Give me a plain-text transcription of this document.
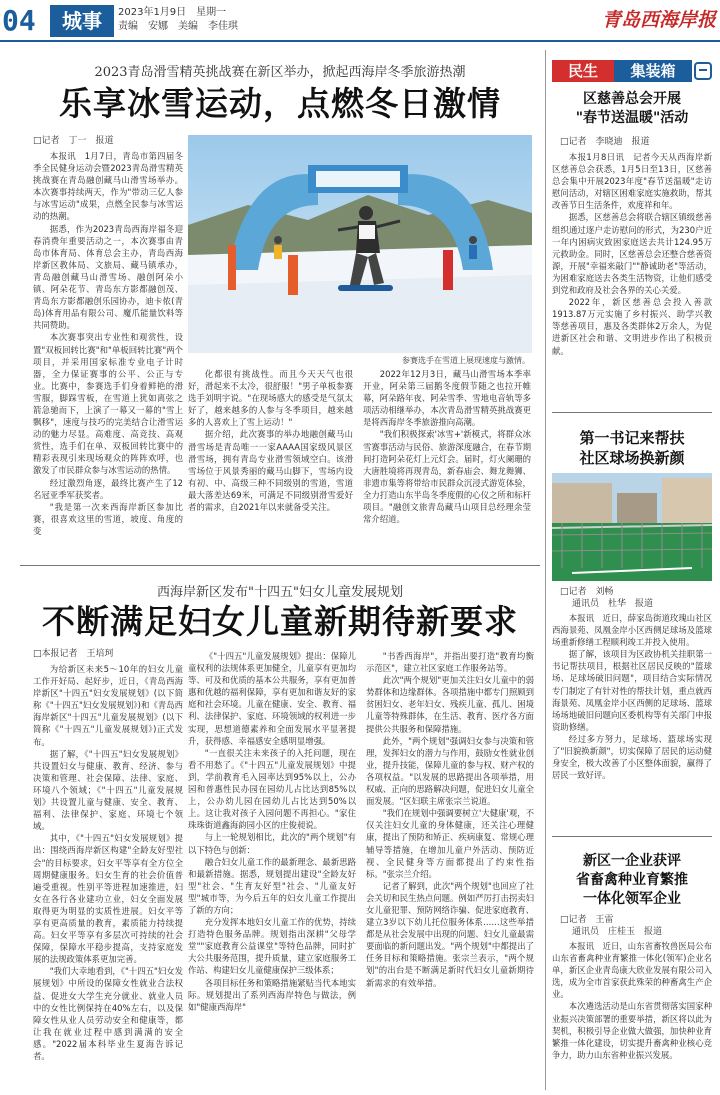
04	城事	2023年1月9日　星期一
责编　安娜　美编　李佳琪	青岛西海岸报
2023青岛滑雪精英挑战赛在新区举办，掀起西海岸冬季旅游热潮
乐享冰雪运动，点燃冬日激情
□记者　丁一　报道

本报讯　1月7日，青岛市第四届冬季全民健身运动会暨2023青岛滑雪精英挑战赛在青岛融创藏马山滑雪场举办。本次赛事持续两天，作为"带动三亿人参与冰雪运动"成果，点燃全民参与冰雪运动的热潮。

据悉，作为2023青岛西海岸福冬迎春消费年重要活动之一，本次赛事由青岛市体育局、体育总会主办，青岛西海岸新区教体局、文旅局、藏马镇承办，青岛融创藏马山滑雪场、融创阿朵小镇、阿朵花节、青岛东方影都融创茂、青岛东方影都融创乐园协办，迪卡侬(青岛)体育用品有限公司、魔爪能量饮料等共同赞助。

本次赛事突出专业性和观赏性，设置"双板回转比赛"和"单板回转比赛"两个项目，并采用国家标准专业电子计时器，全力保证赛事的公平、公正与专业。比赛中，参赛选手们身着鲜艳的滑雪服，脚踩雪板，在雪道上犹如离弦之箭急驰而下，上演了一幕又一幕的"雪上飘移"，速度与技巧的完美结合让滑雪运动的魅力尽显。高难度、高竞技、高观赏性，选手们在单、双板回转比赛中的精彩表现引来现场观众的阵阵欢呼，也激发了市民群众参与冰雪运动的热情。

经过激烈角逐，最终比赛产生了12名冠亚季军获奖者。

"我是第一次来西海岸新区参加比赛，很喜欢这里的雪道，坡度、角度的变

参赛选手在雪道上展现速度与激情。

化都很有挑战性。而且今天天气也很好，滑起来不太冷，很舒服！"男子单板参赛选手刘明宇说。"在现场感大的感受是气氛太好了，越来越多的人参与冬季项目，越来越多的人喜欢上了雪上运动！"

据介绍，此次赛事的举办地融创藏马山滑雪场是青岛唯一一家AAAA国家级风景区滑雪场，拥有青岛专业滑雪领域空白。该滑雪场位于风景秀丽的藏马山脚下，雪场内设有初、中、高级三种不同级别的雪道，雪道最大落差达69米，可满足不同级别滑雪爱好者的需求，自2021年以来就备受关注。

2022年12月3日，藏马山滑雪场本季率开业，阿朵第三届鹅冬度假节随之也拉开帷幕，阿朵路年夜、阿朵雪季、雪地电音轨等多项活动相继举办，本次青岛滑雪精英挑战赛更是将西海岸冬季旅游推向高潮。

"我们积极探索'冰雪+'新模式，将群众冰雪赛事活动与民俗、旅游深度融合，在春节期间打造阿朵花灯上元灯会。届时，灯火阑珊的大唐胜境将再现青岛，新春庙会、舞龙舞狮、非遗市集等将带给市民群众沉浸式游览体验，全力打造山东半岛冬季度假的心仪之所和标杆项目。"融创文旅青岛藏马山项目总经理余莹常介绍道。

西海岸新区发布"十四五"妇女儿童发展规划
不断满足妇女儿童新期待新要求
□本报记者　王培珂

为给新区未来5～10年的妇女儿童工作开好局、起好步，近日，《青岛西海岸新区"十四五"妇女发展规划》(以下简称《"十四五"妇女发展规划》)和《青岛西海岸新区"十四五"儿童发展规划》(以下简称《"十四五"儿童发展规划》)正式发布。

据了解，《"十四五"妇女发展规划》共设置妇女与健康、教育、经济、参与决策和管理、社会保障、法律、家庭、环境八个领域；《"十四五"儿童发展规划》共设置儿童与健康、安全、教育、福利、法律保护、家庭、环境七个领域。

其中，《"十四五"妇女发展规划》提出：围绕西海岸新区构建"全龄友好型社会"的目标要求，妇女平等享有全方位全周期健康服务。妇女生育的社会价值普遍受重视。性别平等进程加速推进，妇女在各行各业建功立业，妇女全面发展取得更为明显的实质性进展。妇女平等享有更高质量的教育，素质能力持续提高。妇女平等享有多层次可持续的社会保障，保障水平稳步提高，支持家庭发展的法规政策体系更加完善。

"我们大幸地看到，《"十四五"妇女发展规划》中所设的保障女性就业合法权益、促进女大学生充分就业、就业人员中的女性比例保持在40%左右，以及保障女性从业人员劳动安全和健康等，都让我在就业过程中感到满满的安全感。"2022届本科毕业生夏海告诉记者。

《"十四五"儿童发展规划》提出：保障儿童权利的法规体系更加健全，儿童享有更加均等、可及和优质的基本公共服务，享有更加普惠和优越的福利保障，享有更加和谐友好的家庭和社会环境。儿童在健康、安全、教育、福利、法律保护、家庭、环境领域的权利进一步实现，思想道德素养和全面发展水平显著提升，获得感、幸福感安全感明显增强。

"一直很关注未来孩子的入托问题，现在看不用愁了。《"十四五"儿童发展规划》中提到，学前教育毛入园率达到95%以上，公办园和普惠性民办园在园幼儿占比达到85%以上，公办幼儿园在园幼儿占比达到50%以上。这让我对孩子入园问题不再担心。"家住珠珠街道鑫海韵园小区的庄俊昶说。

与上一轮规划相比，此次的"两个规划"有以下特色与创新：

融合妇女儿童工作的最新理念、最新思路和最新措施。据悉，规划提出建设"全龄友好型"社会、"生育友好型"社会、"儿童友好型"城市等，为今后五年的妇女儿童工作提出了新的方向；

充分发挥本地妇女儿童工作的优势，持续打造特色服务品牌。规划指出深耕"父母学堂""家庭教育公益课堂"等特色品牌，同时扩大公共服务范围，提升质量，建立家庭服务工作站、构建妇女儿童健康保护三级体系；

各项目标任务和策略措施紧贴当代本地实际。规划提出了系列西海岸特色与做法，例如"健康西海岸"

"书香西海岸"，并指出要打造"教育均衡示范区"，建立社区家庭工作服务站等。

此次"两个规划"更加关注妇女儿童中的弱势群体和边缘群体。各项措施中都专门照顾到贫困妇女、老年妇女、残疾儿童、孤儿、困境儿童等特殊群体，在生活、教育、医疗各方面提供公共服务和保障措施。

此外，"两个规划"强调妇女参与决策和管理，发挥妇女的潜力与作用，鼓励女性就业创业，提升技能，保障儿童的参与权、财产权的各项权益。"以发展的思路提出各项举措，用权威、正向的思路解决问题，促进妇女儿童全面发展。"区妇联主席张宗兰说道。

"我们在规划中强调要树立'大健康'观，不仅关注妇女儿童的身体健康，还关注心理健康，提出了预防和矫正、疾病康复、常规心理辅导等措施，在增加儿童户外活动、预防近视、全民健身等方面都提出了约束性指标。"张宗兰介绍。

记者了解到，此次"两个规划"也回应了社会关切和民生热点问题。例如严厉打击拐卖妇女儿童犯罪、预防网络诈骗、促进家庭教育、建立3岁以下幼儿托位服务体系……这些举措都是从社会发展中出现的问题、妇女儿童最需要面临的新问题出发。"两个规划"中都提出了任务目标和策略措施。张宗兰表示，"两个规划"的出台是不断满足新时代妇女儿童新期待新需求的有效举措。

民生	集装箱
区慈善总会开展
"春节送温暖"活动
□记者　李晓迪　报道

本报1月8日讯　记者今天从西海岸新区慈善总会获悉，1月5日至13日，区慈善总会集中开展2023年度"春节送温暖"走访慰问活动，对辖区困难家庭实施救助，帮其改善节日生活条件，欢度祥和年。

据悉，区慈善总会将联合辖区镇级慈善组织通过逐户走访慰问的形式，为230户近一年内困病灾致困家庭送去共计124.95万元救助金。同时，区慈善总会还整合慈善资源，开展"幸福来敲门""静诚助老"等活动，为困难家庭送去各类生活物资，让他们感受到党和政府及社会各界的关心关爱。

2022年，新区慈善总会投入善款1913.87万元实施了乡村振兴、助学兴教等慈善项目，惠及各类群体2万余人，为促进新区社会和谐、文明进步作出了积极贡献。

第一书记来帮扶
社区球场换新颜
□记者　刘畅
通讯员　杜华　报道

本报讯　近日，薛家岛街道玫瑰山社区西海景苑、凤凰金岸小区西侧足球场及篮球场重新修缮工程顺利竣工并投入使用。

据了解，该项目为区政协机关挂职第一书记帮扶项目，根据社区居民反映的"篮球场、足球场破旧问题"，项目结合实际情况专门制定了有针对性的帮扶计划，重点就西海景苑、凤凰金岸小区西侧的足球场、篮球场场地破旧问题向区委机构等有关部门申报资助修缮。

经过多方努力，足球场、篮球场实现了"旧貌换新颜"，切实保障了居民的运动健身安全，极大改善了小区整体面貌，赢得了居民一致好评。

新区一企业获评
省畜禽种业育繁推
一体化领军企业
□记者　王雷
通讯员　庄桂玉　报道

本报讯　近日，山东省畜牧兽医局公布山东省畜禽种业育繁推一体化(领军)企业名单，新区企业青岛康大欣业发展有限公司入选，成为全市首家获此殊荣的种畜禽生产企业。

本次遴选活动是山东省贯彻落实国家种业振兴决策部署的重要举措，新区将以此为契机，积极引导企业做大做强，加快种业育繁推一体化建设，切实提升畜禽种业核心竞争力，助力山东省种业振兴发展。
